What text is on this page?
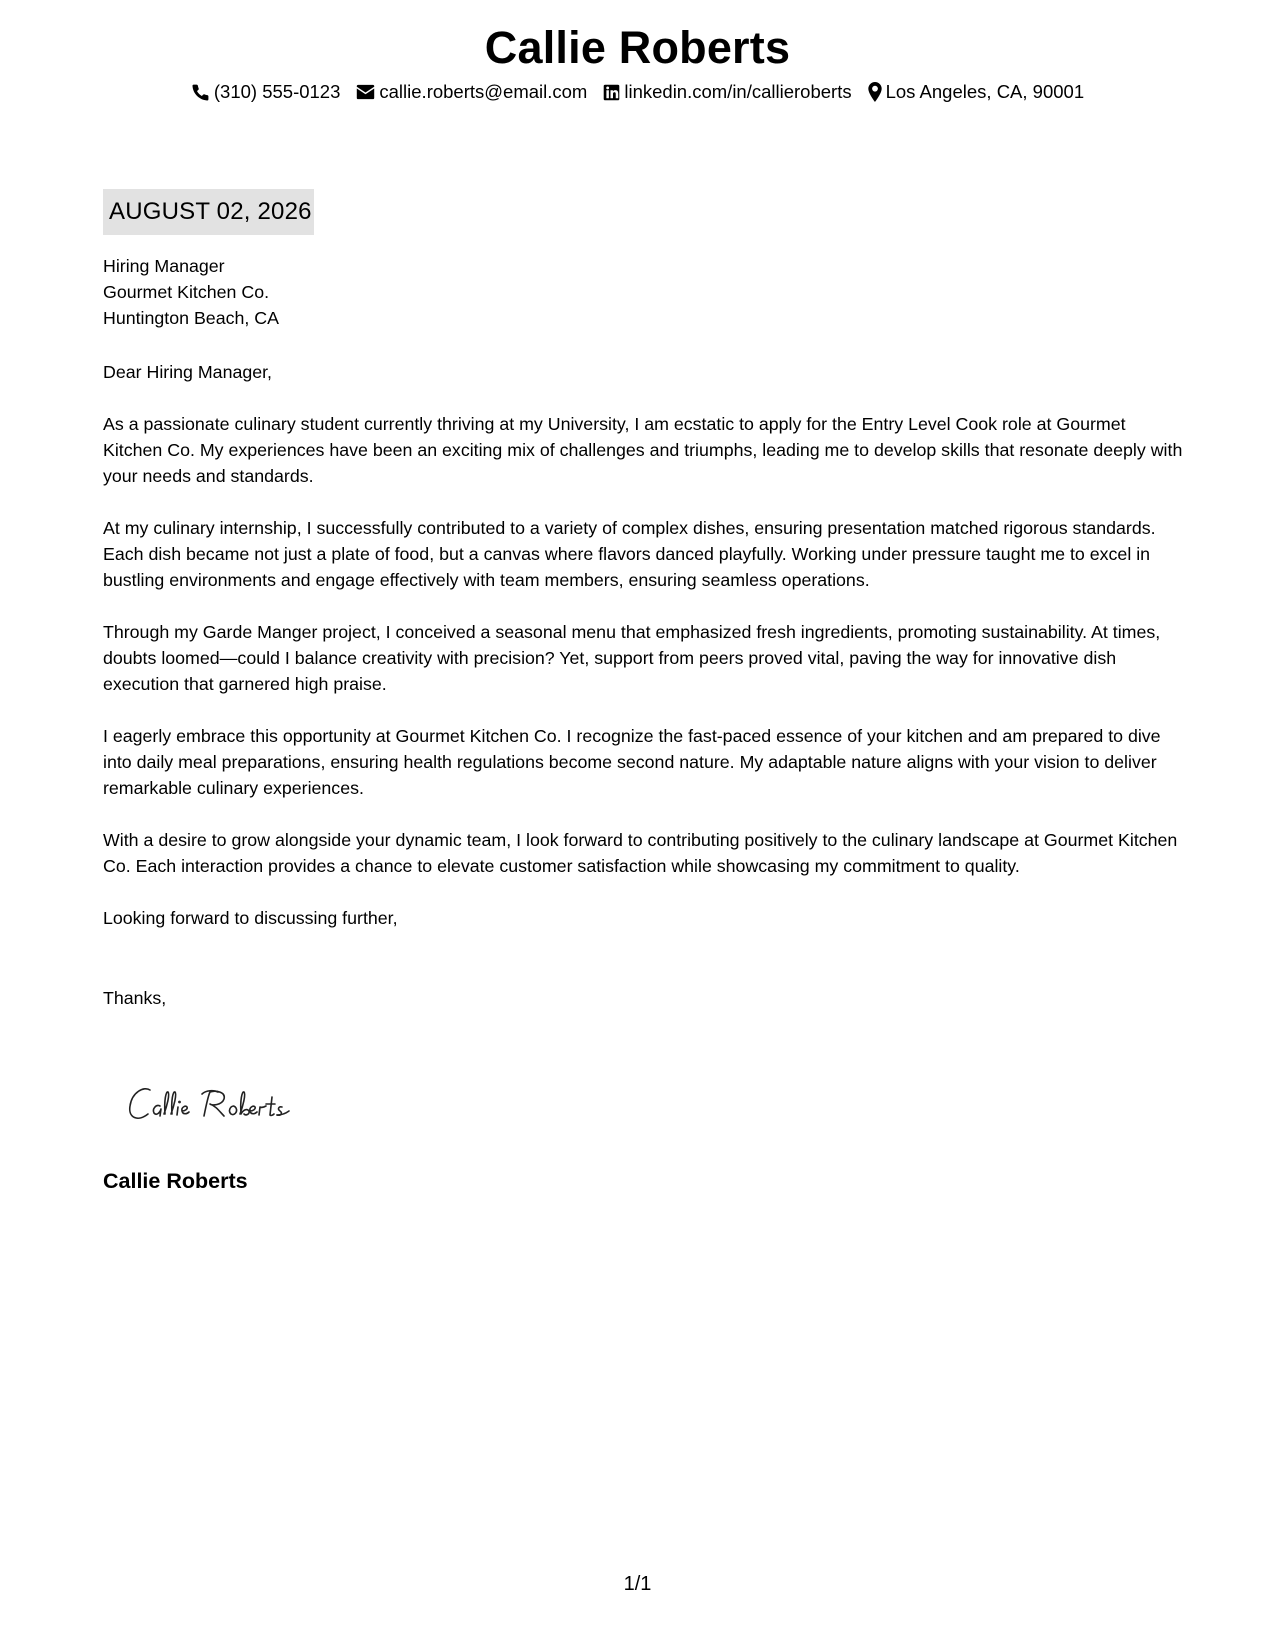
Callie Roberts
(310) 555-0123 callie.roberts@email.com linkedin.com/in/callieroberts Los Angeles, CA, 90001
AUGUST 02, 2026
Hiring Manager
Gourmet Kitchen Co.
Huntington Beach, CA
Dear Hiring Manager,
As a passionate culinary student currently thriving at my University, I am ecstatic to apply for the Entry Level Cook role at Gourmet Kitchen Co. My experiences have been an exciting mix of challenges and triumphs, leading me to develop skills that resonate deeply with your needs and standards.
At my culinary internship, I successfully contributed to a variety of complex dishes, ensuring presentation matched rigorous standards. Each dish became not just a plate of food, but a canvas where flavors danced playfully. Working under pressure taught me to excel in bustling environments and engage effectively with team members, ensuring seamless operations.
Through my Garde Manger project, I conceived a seasonal menu that emphasized fresh ingredients, promoting sustainability. At times, doubts loomed—could I balance creativity with precision? Yet, support from peers proved vital, paving the way for innovative dish execution that garnered high praise.
I eagerly embrace this opportunity at Gourmet Kitchen Co. I recognize the fast-paced essence of your kitchen and am prepared to dive into daily meal preparations, ensuring health regulations become second nature. My adaptable nature aligns with your vision to deliver remarkable culinary experiences.
With a desire to grow alongside your dynamic team, I look forward to contributing positively to the culinary landscape at Gourmet Kitchen Co. Each interaction provides a chance to elevate customer satisfaction while showcasing my commitment to quality.
Looking forward to discussing further,
Thanks,
Callie Roberts
1/1
